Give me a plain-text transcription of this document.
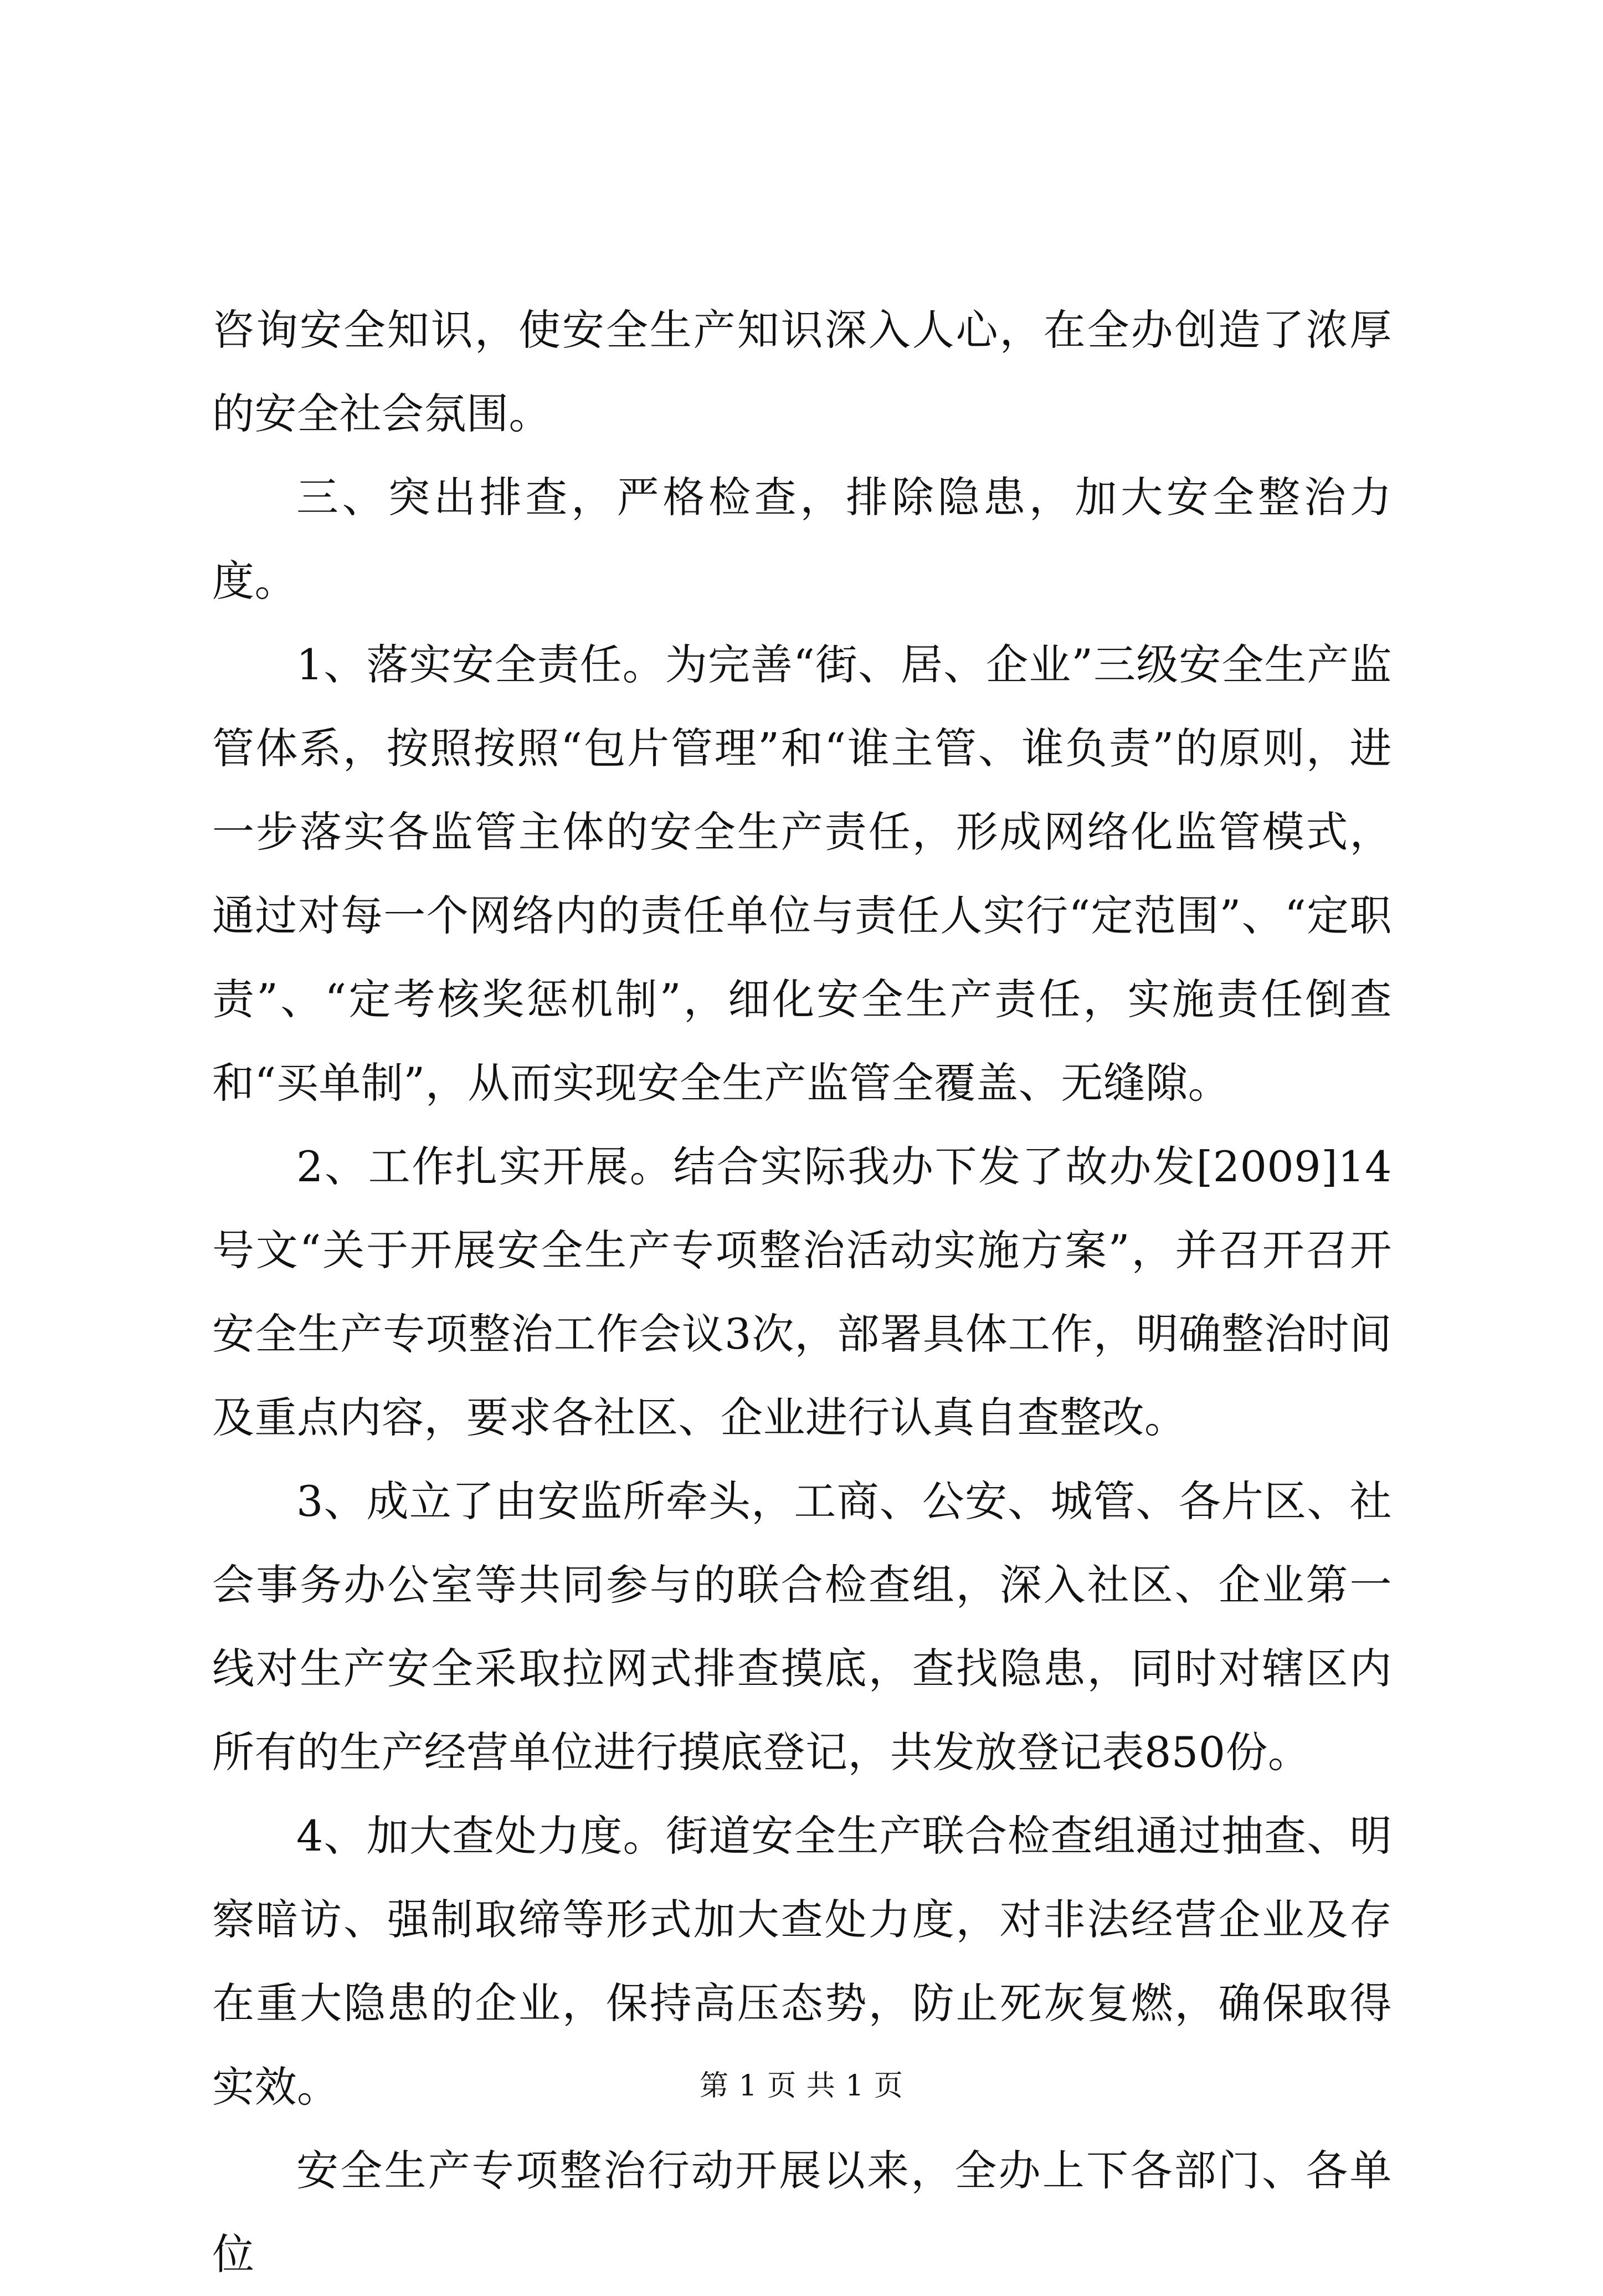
咨询安全知识，使安全生产知识深入人心，在全办创造了浓厚的安全社会氛围。

三、突出排查，严格检查，排除隐患，加大安全整治力度。

1、落实安全责任。为完善“街、居、企业”三级安全生产监管体系，按照按照“包片管理”和“谁主管、谁负责”的原则，进一步落实各监管主体的安全生产责任，形成网络化监管模式，通过对每一个网络内的责任单位与责任人实行“定范围”、“定职责”、“定考核奖惩机制”，细化安全生产责任，实施责任倒查和“买单制”，从而实现安全生产监管全覆盖、无缝隙。

2、工作扎实开展。结合实际我办下发了故办发[2009]14号文“关于开展安全生产专项整治活动实施方案”，并召开召开安全生产专项整治工作会议3次，部署具体工作，明确整治时间及重点内容，要求各社区、企业进行认真自查整改。

3、成立了由安监所牵头，工商、公安、城管、各片区、社会事务办公室等共同参与的联合检查组，深入社区、企业第一线对生产安全采取拉网式排查摸底，查找隐患，同时对辖区内所有的生产经营单位进行摸底登记，共发放登记表850份。

4、加大查处力度。街道安全生产联合检查组通过抽查、明察暗访、强制取缔等形式加大查处力度，对非法经营企业及存在重大隐患的企业，保持高压态势，防止死灰复燃，确保取得实效。

安全生产专项整治行动开展以来，全办上下各部门、各单位

第 1 页 共 1 页
